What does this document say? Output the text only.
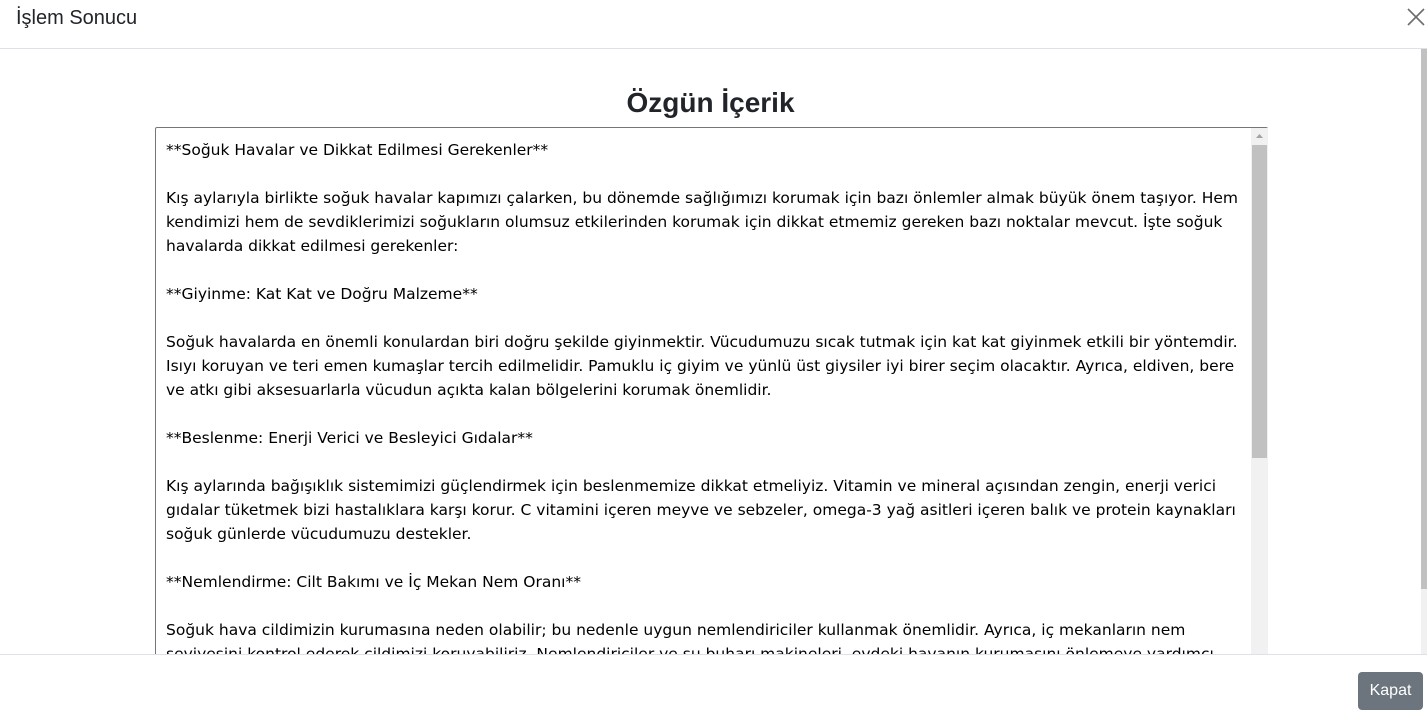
İşlem Sonucu
Özgün İçerik

**Soğuk Havalar ve Dikkat Edilmesi Gerekenler**

Kış aylarıyla birlikte soğuk havalar kapımızı çalarken, bu dönemde sağlığımızı korumak için bazı önlemler almak büyük önem taşıyor. Hem kendimizi hem de sevdiklerimizi soğukların olumsuz etkilerinden korumak için dikkat etmemiz gereken bazı noktalar mevcut. İşte soğuk havalarda dikkat edilmesi gerekenler:

**Giyinme: Kat Kat ve Doğru Malzeme**

Soğuk havalarda en önemli konulardan biri doğru şekilde giyinmektir. Vücudumuzu sıcak tutmak için kat kat giyinmek etkili bir yöntemdir. Isıyı koruyan ve teri emen kumaşlar tercih edilmelidir. Pamuklu iç giyim ve yünlü üst giysiler iyi birer seçim olacaktır. Ayrıca, eldiven, bere ve atkı gibi aksesuarlarla vücudun açıkta kalan bölgelerini korumak önemlidir.

**Beslenme: Enerji Verici ve Besleyici Gıdalar**

Kış aylarında bağışıklık sistemimizi güçlendirmek için beslenmemize dikkat etmeliyiz. Vitamin ve mineral açısından zengin, enerji verici gıdalar tüketmek bizi hastalıklara karşı korur. C vitamini içeren meyve ve sebzeler, omega-3 yağ asitleri içeren balık ve protein kaynakları soğuk günlerde vücudumuzu destekler.

**Nemlendirme: Cilt Bakımı ve İç Mekan Nem Oranı**

Soğuk hava cildimizin kurumasına neden olabilir; bu nedenle uygun nemlendiriciler kullanmak önemlidir. Ayrıca, iç mekanların nem

Kapat
